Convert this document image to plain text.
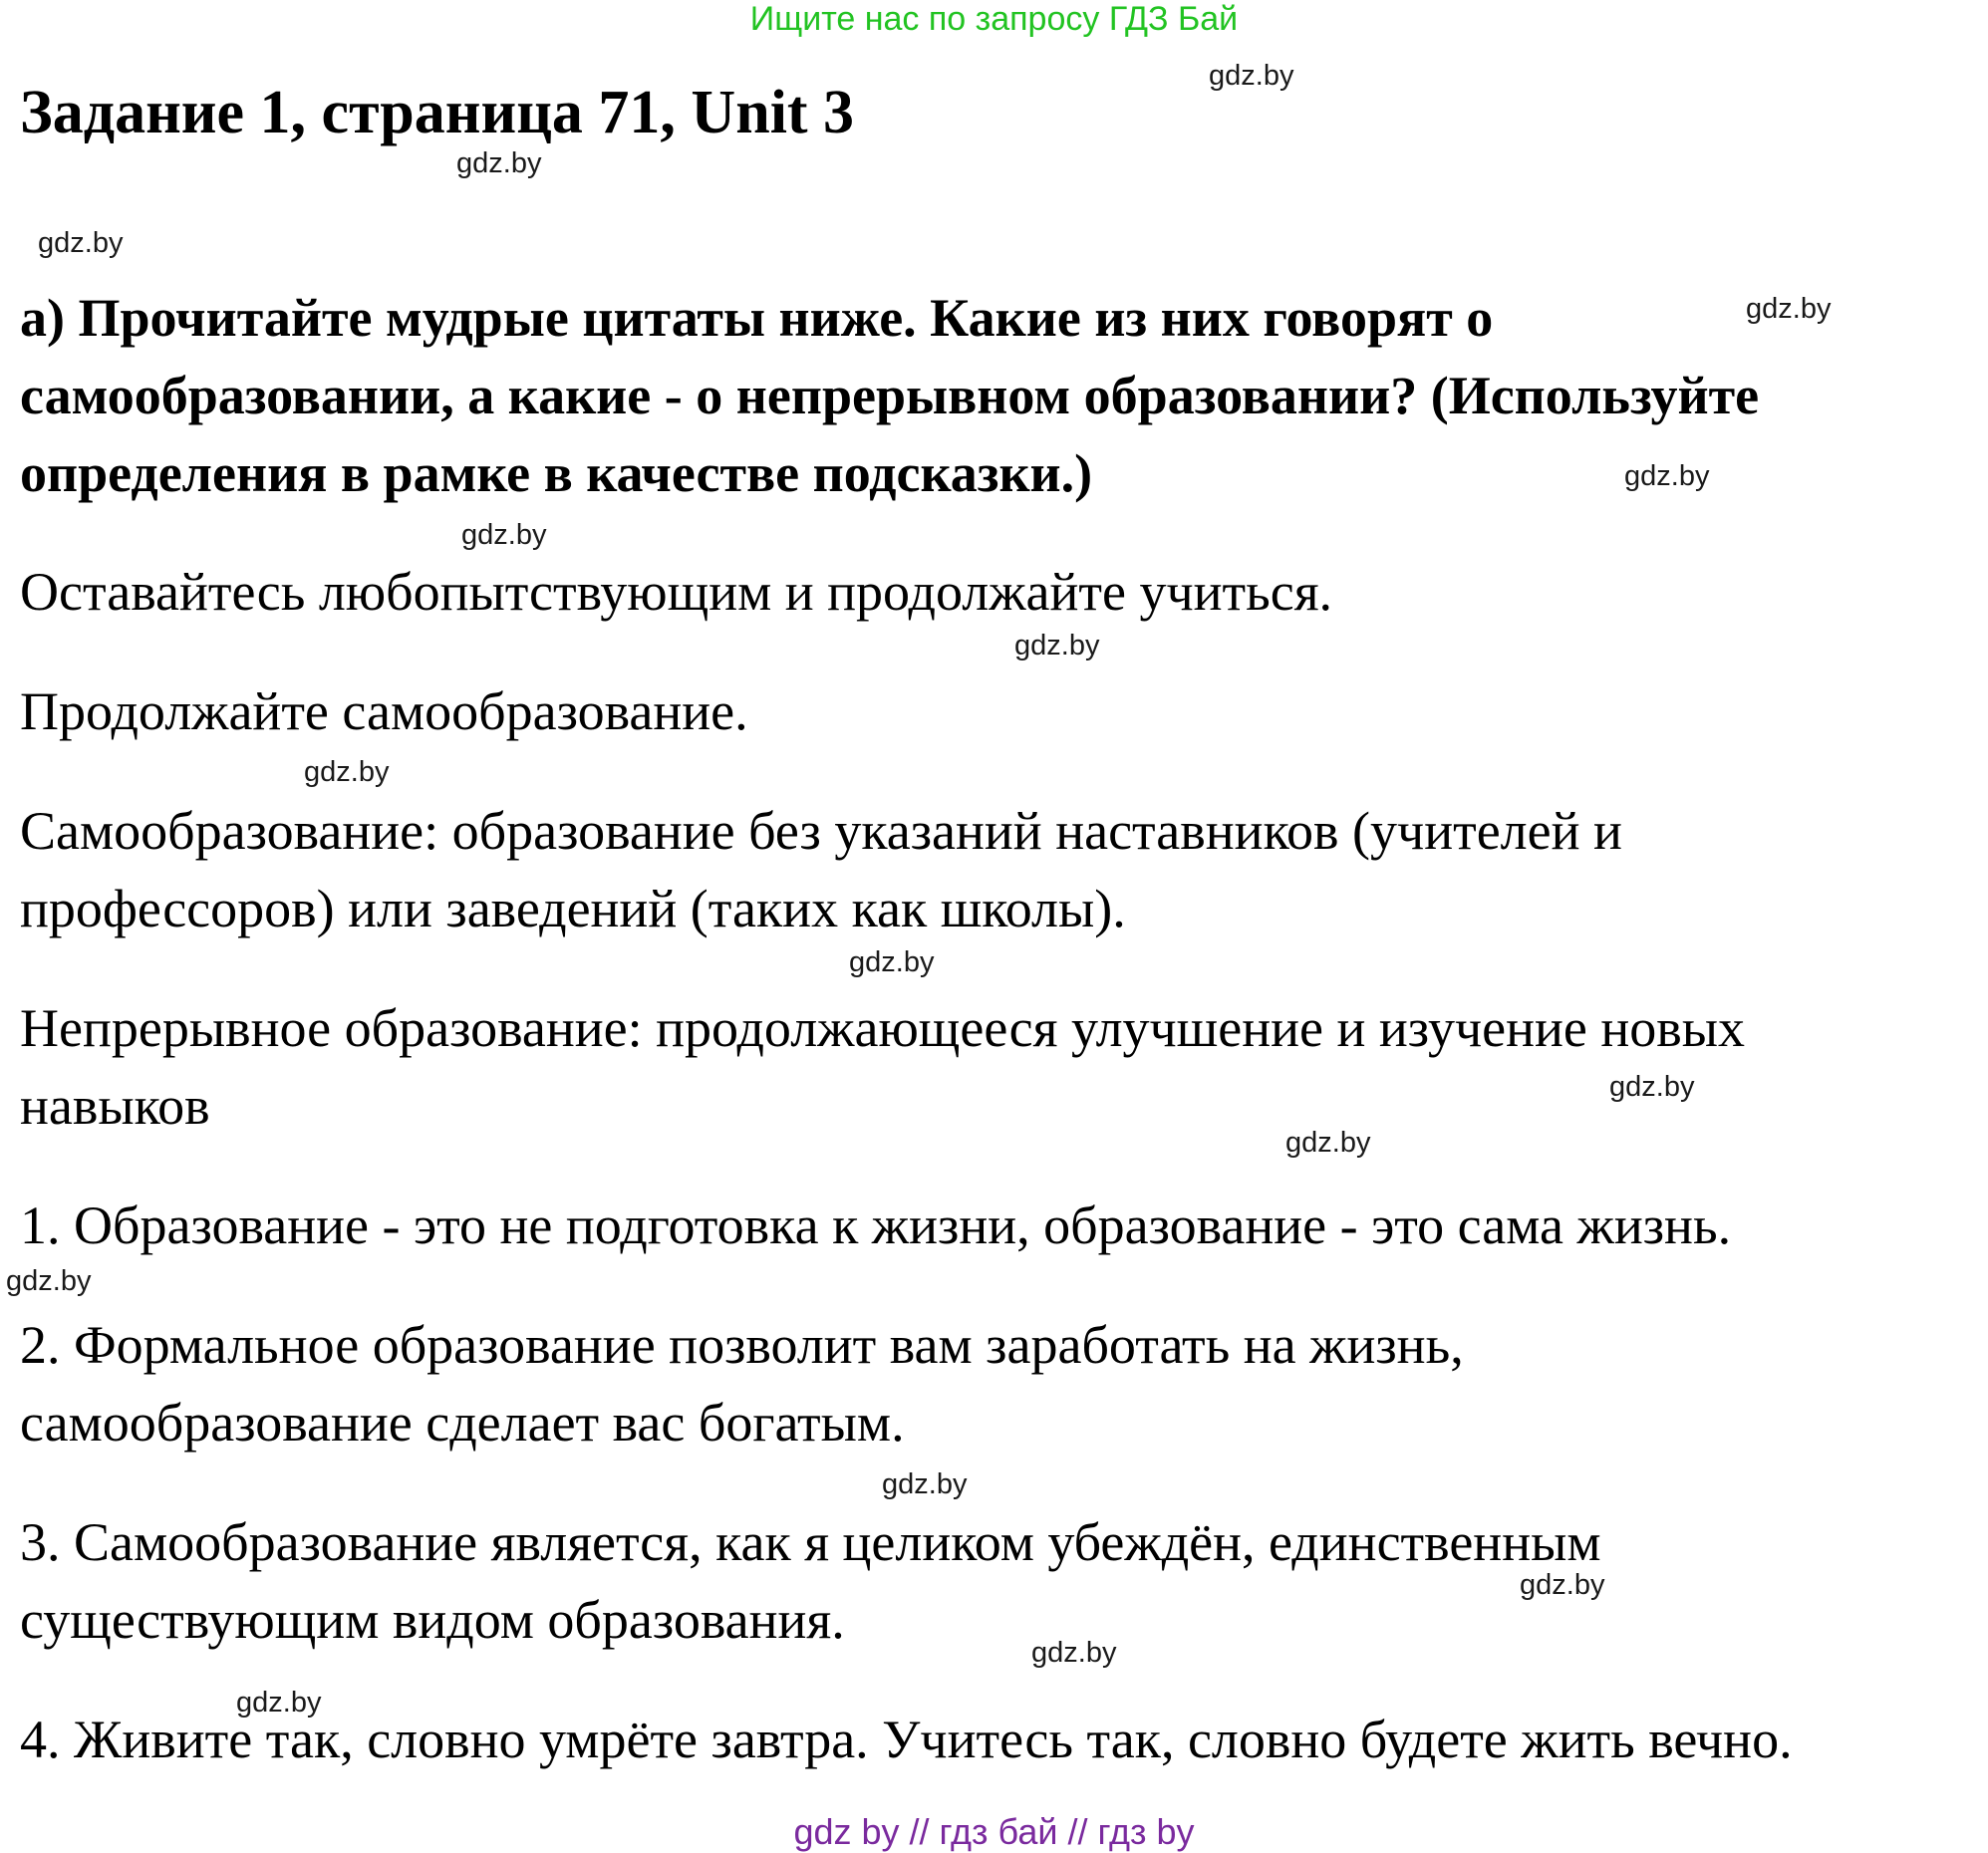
Ищите нас по запросу ГДЗ Бай
Задание 1, страница 71, Unit 3
a) Прочитайте мудрые цитаты ниже. Какие из них говорят о
самообразовании, а какие - о непрерывном образовании? (Используйте
определения в рамке в качестве подсказки.)
Оставайтесь любопытствующим и продолжайте учиться.
Продолжайте самообразование.
Самообразование: образование без указаний наставников (учителей и
профессоров) или заведений (таких как школы).
Непрерывное образование: продолжающееся улучшение и изучение новых
навыков
1. Образование - это не подготовка к жизни, образование - это сама жизнь.
2. Формальное образование позволит вам заработать на жизнь,
самообразование сделает вас богатым.
3. Самообразование является, как я целиком убеждён, единственным
существующим видом образования.
4. Живите так, словно умрёте завтра. Учитесь так, словно будете жить вечно.
gdz.by
gdz.by
gdz.by
gdz.by
gdz.by
gdz.by
gdz.by
gdz.by
gdz.by
gdz.by
gdz.by
gdz.by
gdz.by
gdz.by
gdz.by
gdz.by
gdz by // гдз бай // гдз by
